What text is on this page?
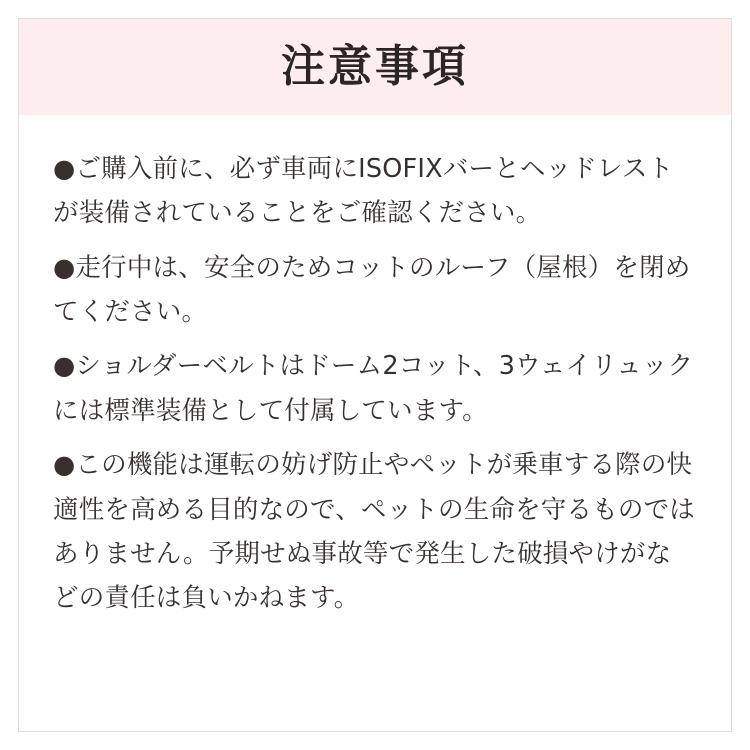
注意事項

●ご購入前に、必ず車両にISOFIXバーとヘッドレストが装備されていることをご確認ください。

●走行中は、安全のためコットのルーフ（屋根）を閉めてください。

●ショルダーベルトはドーム2コット、3ウェイリュックには標準装備として付属しています。

●この機能は運転の妨げ防止やペットが乗車する際の快適性を高める目的なので、ペットの生命を守るものではありません。予期せぬ事故等で発生した破損やけがなどの責任は負いかねます。
